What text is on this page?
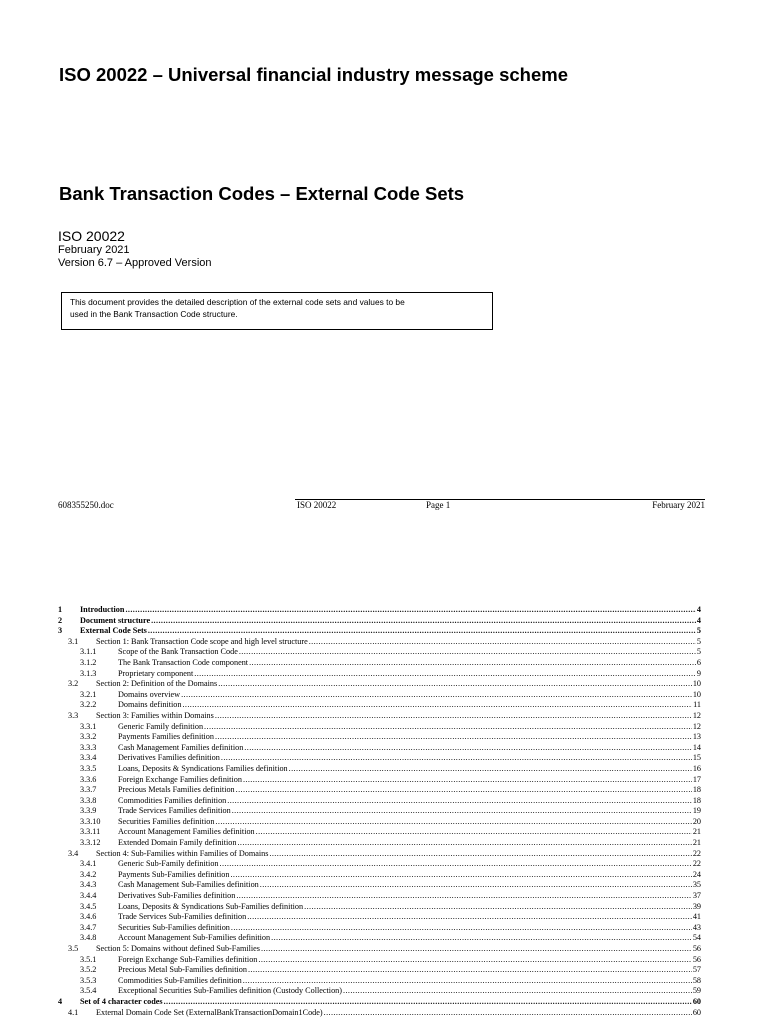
ISO 20022 – Universal financial industry message scheme
Bank Transaction Codes – External Code Sets
ISO 20022
February 2021
Version 6.7 – Approved Version
This document provides the detailed description of the external code sets and values to be
used in the Bank Transaction Code structure.
608355250.doc	ISO 20022	Page 1	February 2021
1	Introduction .....	4
2	Document structure .....	4
3	External Code Sets .....	5
3.1	Section 1: Bank Transaction Code scope and high level structure .....	5
3.1.1	Scope of the Bank Transaction Code .....	5
3.1.2	The Bank Transaction Code component .....	6
3.1.3	Proprietary component .....	9
3.2	Section 2: Definition of the Domains .....	10
3.2.1	Domains overview .....	10
3.2.2	Domains definition .....	11
3.3	Section 3: Families within Domains .....	12
3.3.1	Generic Family definition .....	12
3.3.2	Payments Families definition .....	13
3.3.3	Cash Management Families definition .....	14
3.3.4	Derivatives Families definition .....	15
3.3.5	Loans, Deposits & Syndications Families definition .....	16
3.3.6	Foreign Exchange Families definition .....	17
3.3.7	Precious Metals Families definition .....	18
3.3.8	Commodities Families definition .....	18
3.3.9	Trade Services Families definition .....	19
3.3.10	Securities Families definition .....	20
3.3.11	Account Management Families definition .....	21
3.3.12	Extended Domain Family definition .....	21
3.4	Section 4: Sub-Families within Families of Domains .....	22
3.4.1	Generic Sub-Family definition .....	22
3.4.2	Payments Sub-Families definition .....	24
3.4.3	Cash Management Sub-Families definition .....	35
3.4.4	Derivatives Sub-Families definition .....	37
3.4.5	Loans, Deposits & Syndications Sub-Families definition .....	39
3.4.6	Trade Services Sub-Families definition .....	41
3.4.7	Securities Sub-Families definition .....	43
3.4.8	Account Management Sub-Families definition .....	54
3.5	Section 5: Domains without defined Sub-Families .....	56
3.5.1	Foreign Exchange Sub-Families definition .....	56
3.5.2	Precious Metal Sub-Families definition .....	57
3.5.3	Commodities Sub-Families definition .....	58
3.5.4	Exceptional Securities Sub-Families definition (Custody Collection) .....	59
4	Set of 4 character codes .....	60
4.1	External Domain Code Set (ExternalBankTransactionDomain1Code) .....	60
